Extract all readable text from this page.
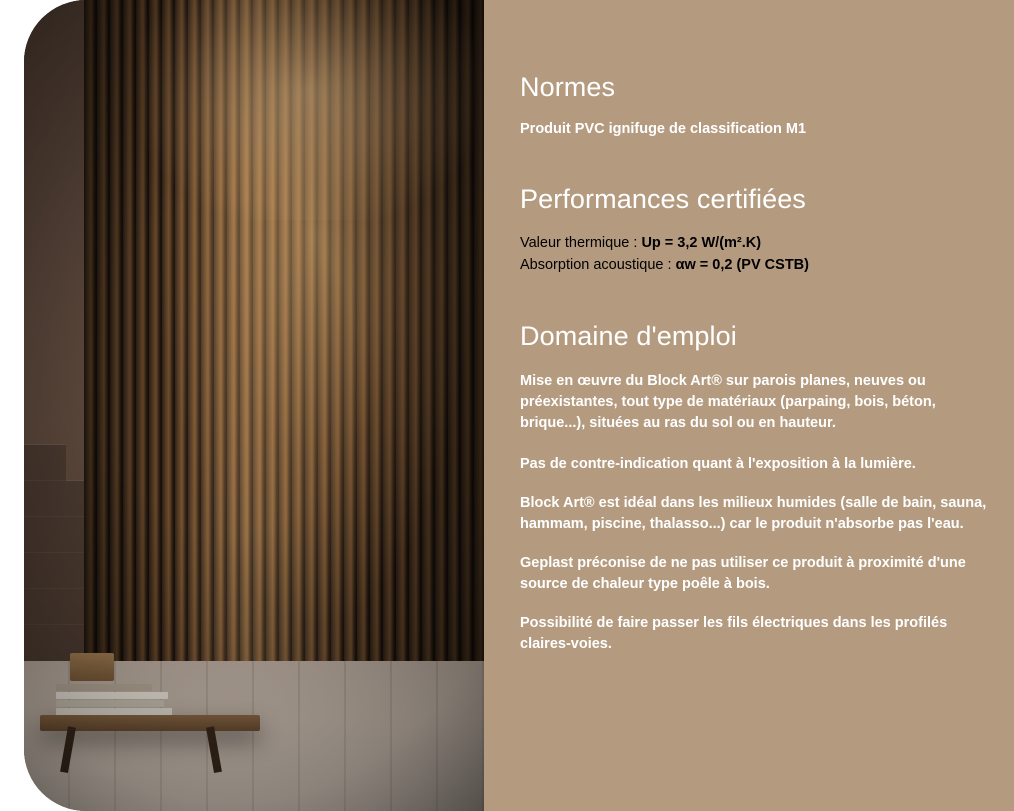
Normes

Produit PVC ignifuge de classification M1

Performances certifiées
Valeur thermique : Up = 3,2 W/(m².K)
Absorption acoustique : αw = 0,2 (PV CSTB)
Domaine d'emploi

Mise en œuvre du Block Art® sur parois planes, neuves ou préexistantes, tout type de matériaux (parpaing, bois, béton, brique...), situées au ras du sol ou en hauteur.

Pas de contre-indication quant à l'exposition à la lumière.

Block Art® est idéal dans les milieux humides (salle de bain, sauna, hammam, piscine, thalasso...) car le produit n'absorbe pas l'eau.

Geplast préconise de ne pas utiliser ce produit à proximité d'une source de chaleur type poêle à bois.

Possibilité de faire passer les fils électriques dans les profilés claires-voies.
